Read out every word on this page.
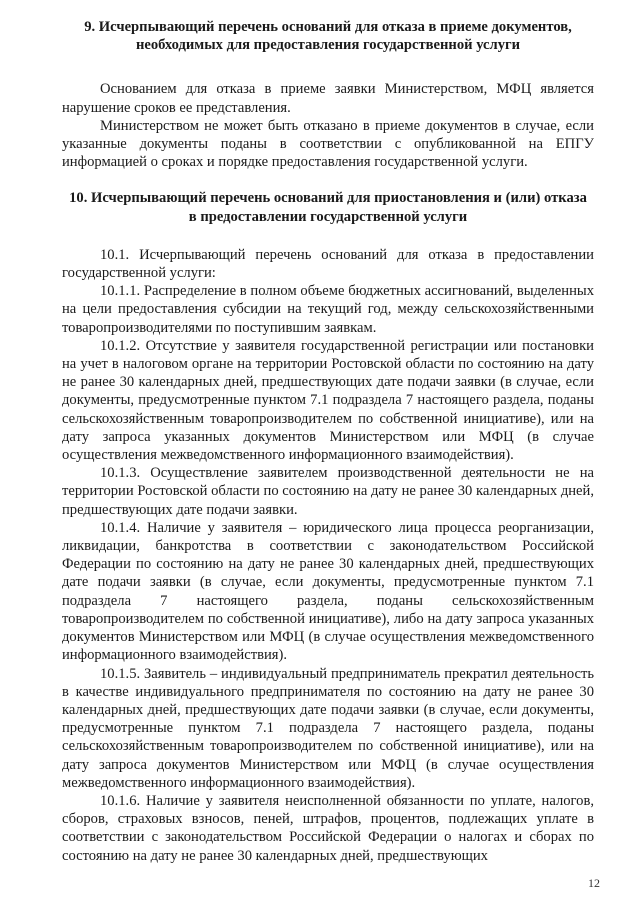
9. Исчерпывающий перечень оснований для отказа в приеме документов, необходимых для предоставления государственной услуги

Основанием для отказа в приеме заявки Министерством, МФЦ является нарушение сроков ее представления.

Министерством не может быть отказано в приеме документов в случае, если указанные документы поданы в соответствии с опубликованной на ЕПГУ информацией о сроках и порядке предоставления государственной услуги.

10. Исчерпывающий перечень оснований для приостановления и (или) отказа в предоставлении государственной услуги

10.1. Исчерпывающий перечень оснований для отказа в предоставлении государственной услуги:

10.1.1. Распределение в полном объеме бюджетных ассигнований, выделенных на цели предоставления субсидии на текущий год, между сельскохозяйственными товаропроизводителями по поступившим заявкам.

10.1.2. Отсутствие у заявителя государственной регистрации или постановки на учет в налоговом органе на территории Ростовской области по состоянию на дату не ранее 30 календарных дней, предшествующих дате подачи заявки (в случае, если документы, предусмотренные пунктом 7.1 подраздела 7 настоящего раздела, поданы сельскохозяйственным товаропроизводителем по собственной инициативе), или на дату запроса указанных документов Министерством или МФЦ (в случае осуществления межведомственного информационного взаимодействия).

10.1.3. Осуществление заявителем производственной деятельности не на территории Ростовской области по состоянию на дату не ранее 30 календарных дней, предшествующих дате подачи заявки.

10.1.4. Наличие у заявителя – юридического лица процесса реорганизации, ликвидации, банкротства в соответствии с законодательством Российской Федерации по состоянию на дату не ранее 30 календарных дней, предшествующих дате подачи заявки (в случае, если документы, предусмотренные пунктом 7.1 подраздела 7 настоящего раздела, поданы сельскохозяйственным товаропроизводителем по собственной инициативе), либо на дату запроса указанных документов Министерством или МФЦ (в случае осуществления межведомственного информационного взаимодействия).

10.1.5. Заявитель – индивидуальный предприниматель прекратил деятельность в качестве индивидуального предпринимателя по состоянию на дату не ранее 30 календарных дней, предшествующих дате подачи заявки (в случае, если документы, предусмотренные пунктом 7.1 подраздела 7 настоящего раздела, поданы сельскохозяйственным товаропроизводителем по собственной инициативе), или на дату запроса документов Министерством или МФЦ (в случае осуществления межведомственного информационного взаимодействия).

10.1.6. Наличие у заявителя неисполненной обязанности по уплате, налогов, сборов, страховых взносов, пеней, штрафов, процентов, подлежащих уплате в соответствии с законодательством Российской Федерации о налогах и сборах по состоянию на дату не ранее 30 календарных дней, предшествующих

12
